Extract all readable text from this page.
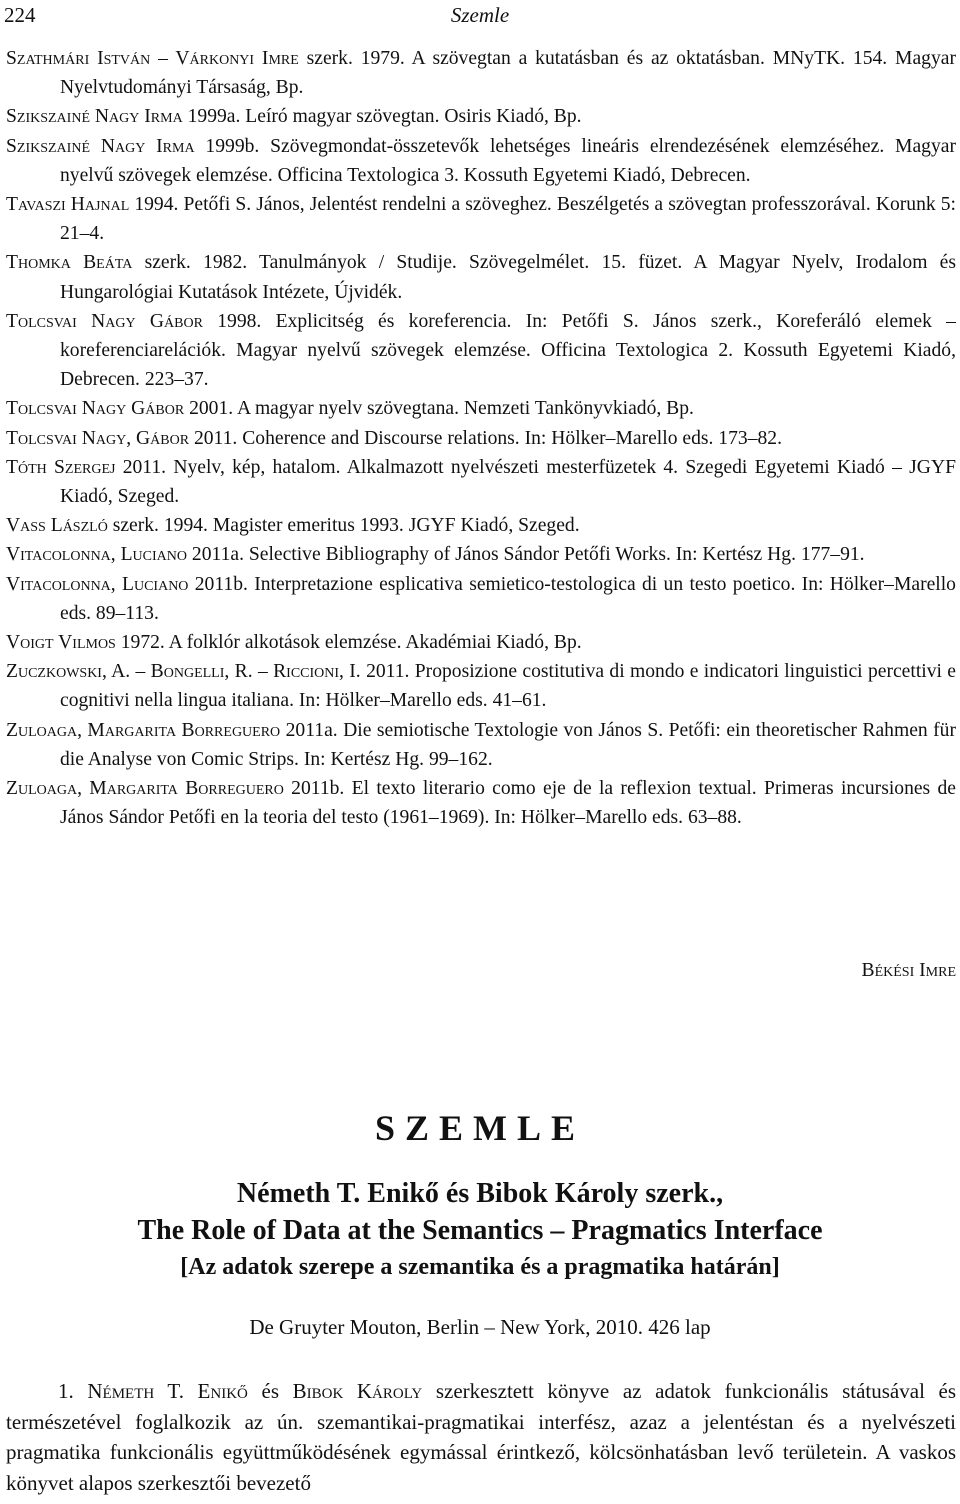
224	Szemle
Szathmári István – Várkonyi Imre szerk. 1979. A szövegtan a kutatásban és az oktatásban. MNyTK. 154. Magyar Nyelvtudományi Társaság, Bp.
Szikszainé Nagy Irma 1999a. Leíró magyar szövegtan. Osiris Kiadó, Bp.
Szikszainé Nagy Irma 1999b. Szövegmondat-összetevők lehetséges lineáris elrendezésének elemzéséhez. Magyar nyelvű szövegek elemzése. Officina Textologica 3. Kossuth Egyetemi Kiadó, Debrecen.
Tavaszi Hajnal 1994. Petőfi S. János, Jelentést rendelni a szöveghez. Beszélgetés a szövegtan professzorával. Korunk 5: 21–4.
Thomka Beáta szerk. 1982. Tanulmányok / Studije. Szövegelmélet. 15. füzet. A Magyar Nyelv, Irodalom és Hungarológiai Kutatások Intézete, Újvidék.
Tolcsvai Nagy Gábor 1998. Explicitség és koreferencia. In: Petőfi S. János szerk., Koreferáló elemek – koreferenciarelációk. Magyar nyelvű szövegek elemzése. Officina Textologica 2. Kossuth Egyetemi Kiadó, Debrecen. 223–37.
Tolcsvai Nagy Gábor 2001. A magyar nyelv szövegtana. Nemzeti Tankönyvkiadó, Bp.
Tolcsvai Nagy, Gábor 2011. Coherence and Discourse relations. In: Hölker–Marello eds. 173–82.
Tóth Szergej 2011. Nyelv, kép, hatalom. Alkalmazott nyelvészeti mesterfüzetek 4. Szegedi Egyetemi Kiadó – JGYF Kiadó, Szeged.
Vass László szerk. 1994. Magister emeritus 1993. JGYF Kiadó, Szeged.
Vitacolonna, Luciano 2011a. Selective Bibliography of János Sándor Petőfi Works. In: Kertész Hg. 177–91.
Vitacolonna, Luciano 2011b. Interpretazione esplicativa semietico-testologica di un testo poetico. In: Hölker–Marello eds. 89–113.
Voigt Vilmos 1972. A folklór alkotások elemzése. Akadémiai Kiadó, Bp.
Zuczkowski, A. – Bongelli, R. – Riccioni, I. 2011. Proposizione costitutiva di mondo e indicatori linguistici percettivi e cognitivi nella lingua italiana. In: Hölker–Marello eds. 41–61.
Zuloaga, Margarita Borreguero 2011a. Die semiotische Textologie von János S. Petőfi: ein theoretischer Rahmen für die Analyse von Comic Strips. In: Kertész Hg. 99–162.
Zuloaga, Margarita Borreguero 2011b. El texto literario como eje de la reflexion textual. Primeras incursiones de János Sándor Petőfi en la teoria del testo (1961–1969). In: Hölker–Marello eds. 63–88.
Békési Imre
SZEMLE
Németh T. Enikő és Bibok Károly szerk.,
The Role of Data at the Semantics – Pragmatics Interface
[Az adatok szerepe a szemantika és a pragmatika határán]
De Gruyter Mouton, Berlin – New York, 2010. 426 lap

1. Németh T. Enikő és Bibok Károly szerkesztett könyve az adatok funkcionális státusával és természetével foglalkozik az ún. szemantikai-pragmatikai interfész, azaz a jelentéstan és a nyelvészeti pragmatika funkcionális együttműködésének egymással érintkező, kölcsönhatásban levő területein. A vaskos könyvet alapos szerkesztői bevezető
